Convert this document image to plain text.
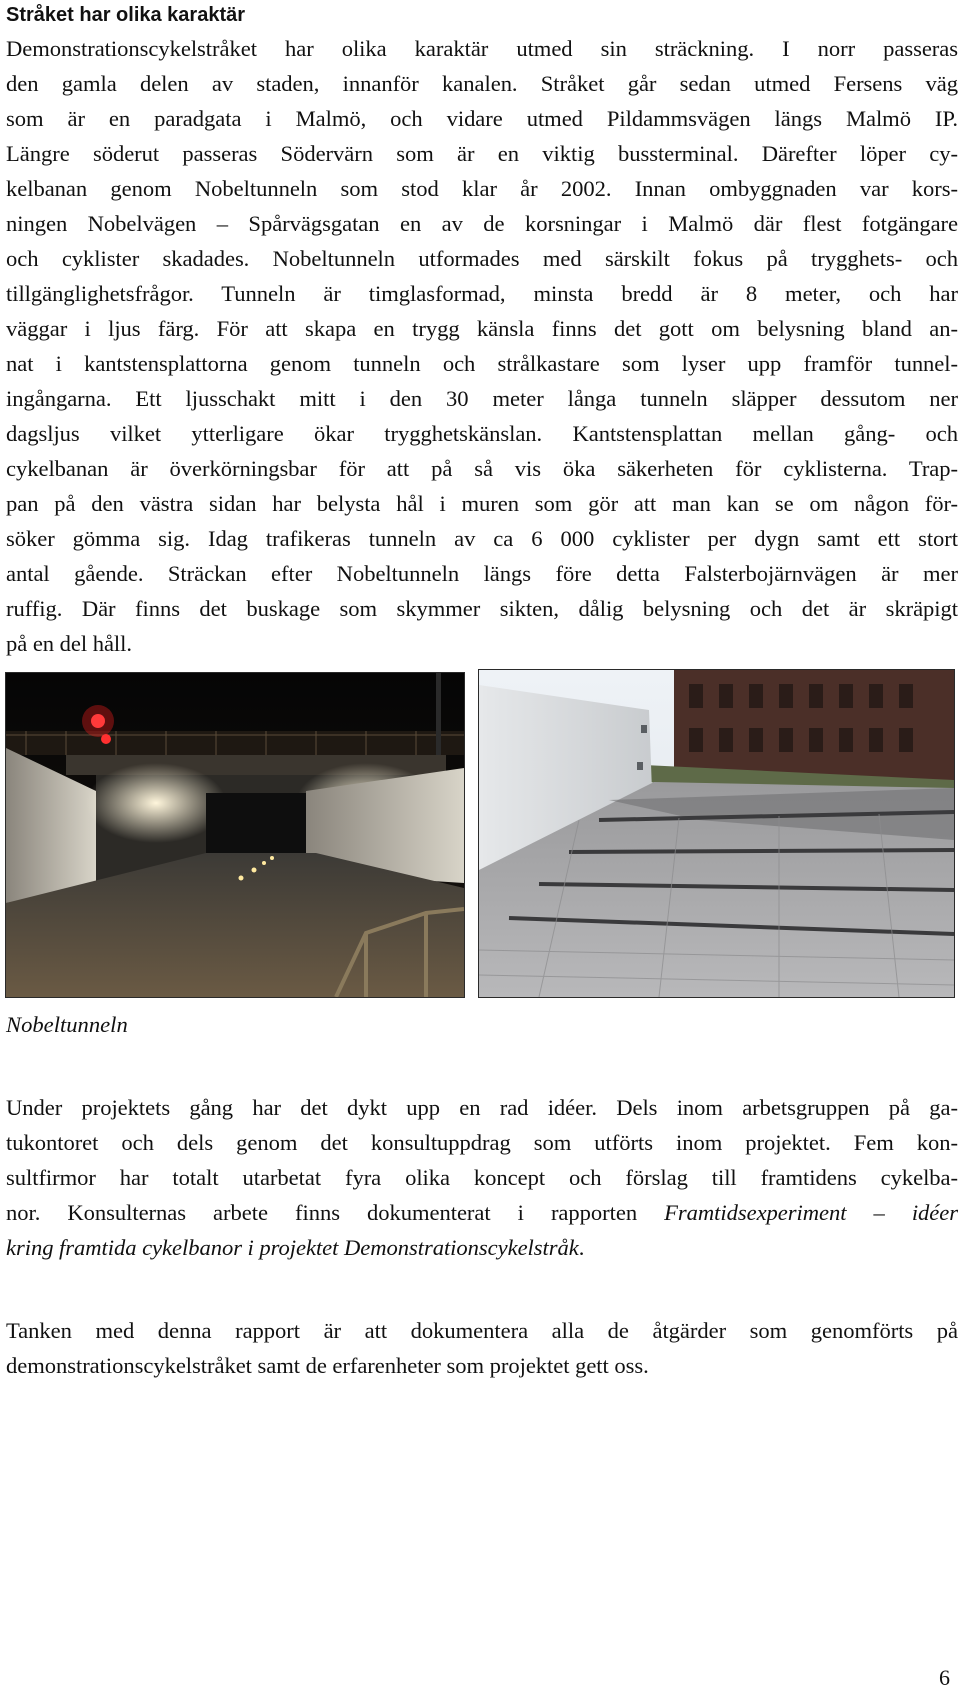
Stråket har olika karaktär

Demonstrationscykelstråket har olika karaktär utmed sin sträckning. I norr passeras
den gamla delen av staden, innanför kanalen. Stråket går sedan utmed Fersens väg
som är en paradgata i Malmö, och vidare utmed Pildammsvägen längs Malmö IP.
Längre söderut passeras Södervärn som är en viktig bussterminal. Därefter löper cy-
kelbanan genom Nobeltunneln som stod klar år 2002. Innan ombyggnaden var kors-
ningen Nobelvägen – Spårvägsgatan en av de korsningar i Malmö där flest fotgängare
och cyklister skadades. Nobeltunneln utformades med särskilt fokus på trygghets- och
tillgänglighetsfrågor. Tunneln är timglasformad, minsta bredd är 8 meter, och har
väggar i ljus färg. För att skapa en trygg känsla finns det gott om belysning bland an-
nat i kantstensplattorna genom tunneln och strålkastare som lyser upp framför tunnel-
ingångarna. Ett ljusschakt mitt i den 30 meter långa tunneln släpper dessutom ner
dagsljus vilket ytterligare ökar trygghetskänslan. Kantstensplattan mellan gång- och
cykelbanan är överkörningsbar för att på så vis öka säkerheten för cyklisterna. Trap-
pan på den västra sidan har belysta hål i muren som gör att man kan se om någon för-
söker gömma sig. Idag trafikeras tunneln av ca 6 000 cyklister per dygn samt ett stort
antal gående. Sträckan efter Nobeltunneln längs före detta Falsterbojärnvägen är mer
ruffig. Där finns det buskage som skymmer sikten, dålig belysning och det är skräpigt
på en del håll.

Nobeltunneln

Under projektets gång har det dykt upp en rad idéer. Dels inom arbetsgruppen på ga-
tukontoret och dels genom det konsultuppdrag som utförts inom projektet. Fem kon-
sultfirmor har totalt utarbetat fyra olika koncept och förslag till framtidens cykelba-
nor. Konsulternas arbete finns dokumenterat i rapporten Framtidsexperiment – idéer
kring framtida cykelbanor i projektet Demonstrationscykelstråk.

Tanken med denna rapport är att dokumentera alla de åtgärder som genomförts på
demonstrationscykelstråket samt de erfarenheter som projektet gett oss.

6
